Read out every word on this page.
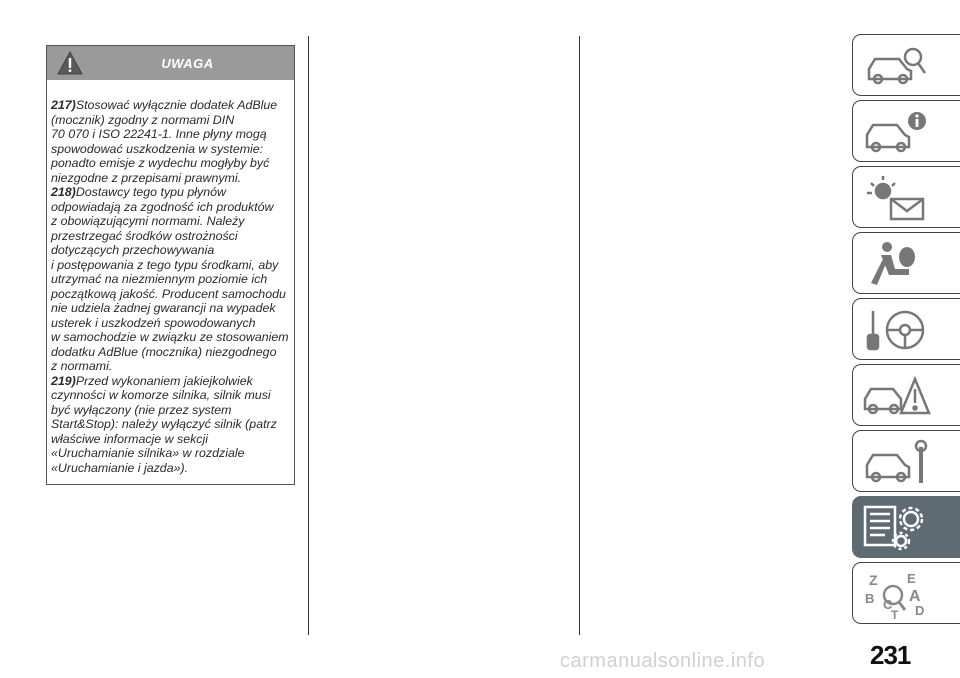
UWAGA

217)Stosować wyłącznie dodatek AdBlue
(mocznik) zgodny z normami DIN
70 070 i ISO 22241-1. Inne płyny mogą
spowodować uszkodzenia w systemie:
ponadto emisje z wydechu mogłyby być
niezgodne z przepisami prawnymi.

218)Dostawcy tego typu płynów
odpowiadają za zgodność ich produktów
z obowiązującymi normami. Należy
przestrzegać środków ostrożności
dotyczących przechowywania
i postępowania z tego typu środkami, aby
utrzymać na niezmiennym poziomie ich
początkową jakość. Producent samochodu
nie udziela żadnej gwarancji na wypadek
usterek i uszkodzeń spowodowanych
w samochodzie w związku ze stosowaniem
dodatku AdBlue (mocznika) niezgodnego
z normami.

219)Przed wykonaniem jakiejkolwiek
czynności w komorze silnika, silnik musi
być wyłączony (nie przez system
Start&Stop): należy wyłączyć silnik (patrz
właściwe informacje w sekcji
«Uruchamianie silnika» w rozdziale
«Uruchamianie i jazda»).

Z E
B A
C D
T
carmanualsonline.info	231
